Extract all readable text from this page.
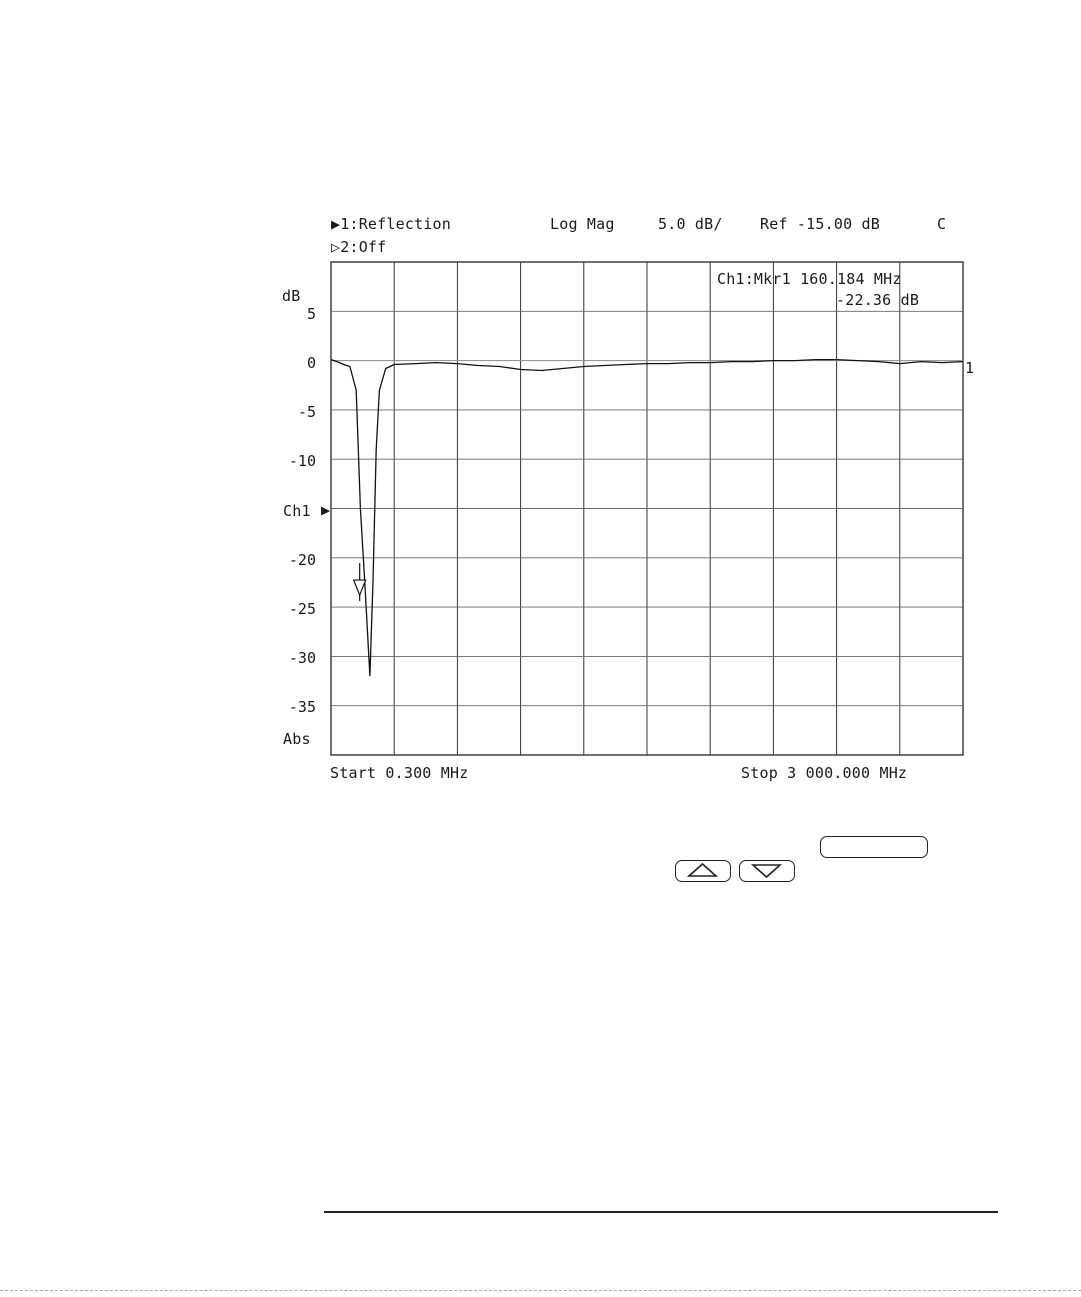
▶1:Reflection
▷2:Off
Log Mag	5.0 dB/ Ref -15.00 dB	C
Ch1:Mkr1 160.184 MHz
-22.36 dB
1
dB
5
0
-5
-10
Ch1 ▶
-20
-25
-30
-35
Abs
Start 0.300 MHz	Stop 3 000.000 MHz
